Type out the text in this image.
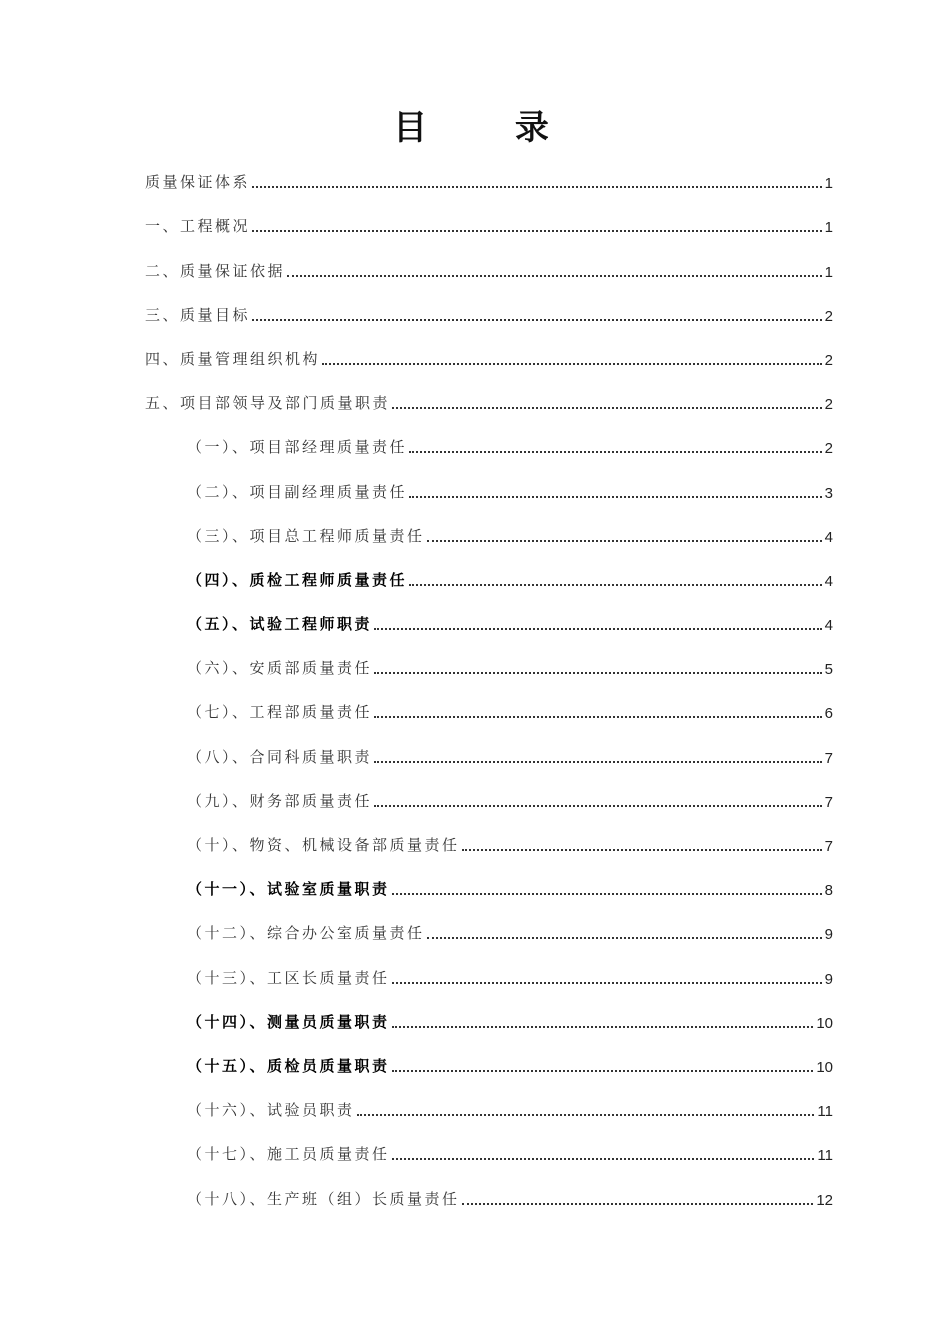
目 录
质量保证体系	1
一、工程概况	1
二、质量保证依据	1
三、质量目标	2
四、质量管理组织机构	2
五、项目部领导及部门质量职责	2
（一）、项目部经理质量责任	2
（二）、项目副经理质量责任	3
（三）、项目总工程师质量责任	4
（四）、质检工程师质量责任	4
（五）、试验工程师职责	4
（六）、安质部质量责任	5
（七）、工程部质量责任	6
（八）、合同科质量职责	7
（九）、财务部质量责任	7
（十）、物资、机械设备部质量责任	7
（十一）、试验室质量职责	8
（十二）、综合办公室质量责任	9
（十三）、工区长质量责任	9
（十四）、测量员质量职责	10
（十五）、质检员质量职责	10
（十六）、试验员职责	11
（十七）、施工员质量责任	11
（十八）、生产班（组）长质量责任	12
